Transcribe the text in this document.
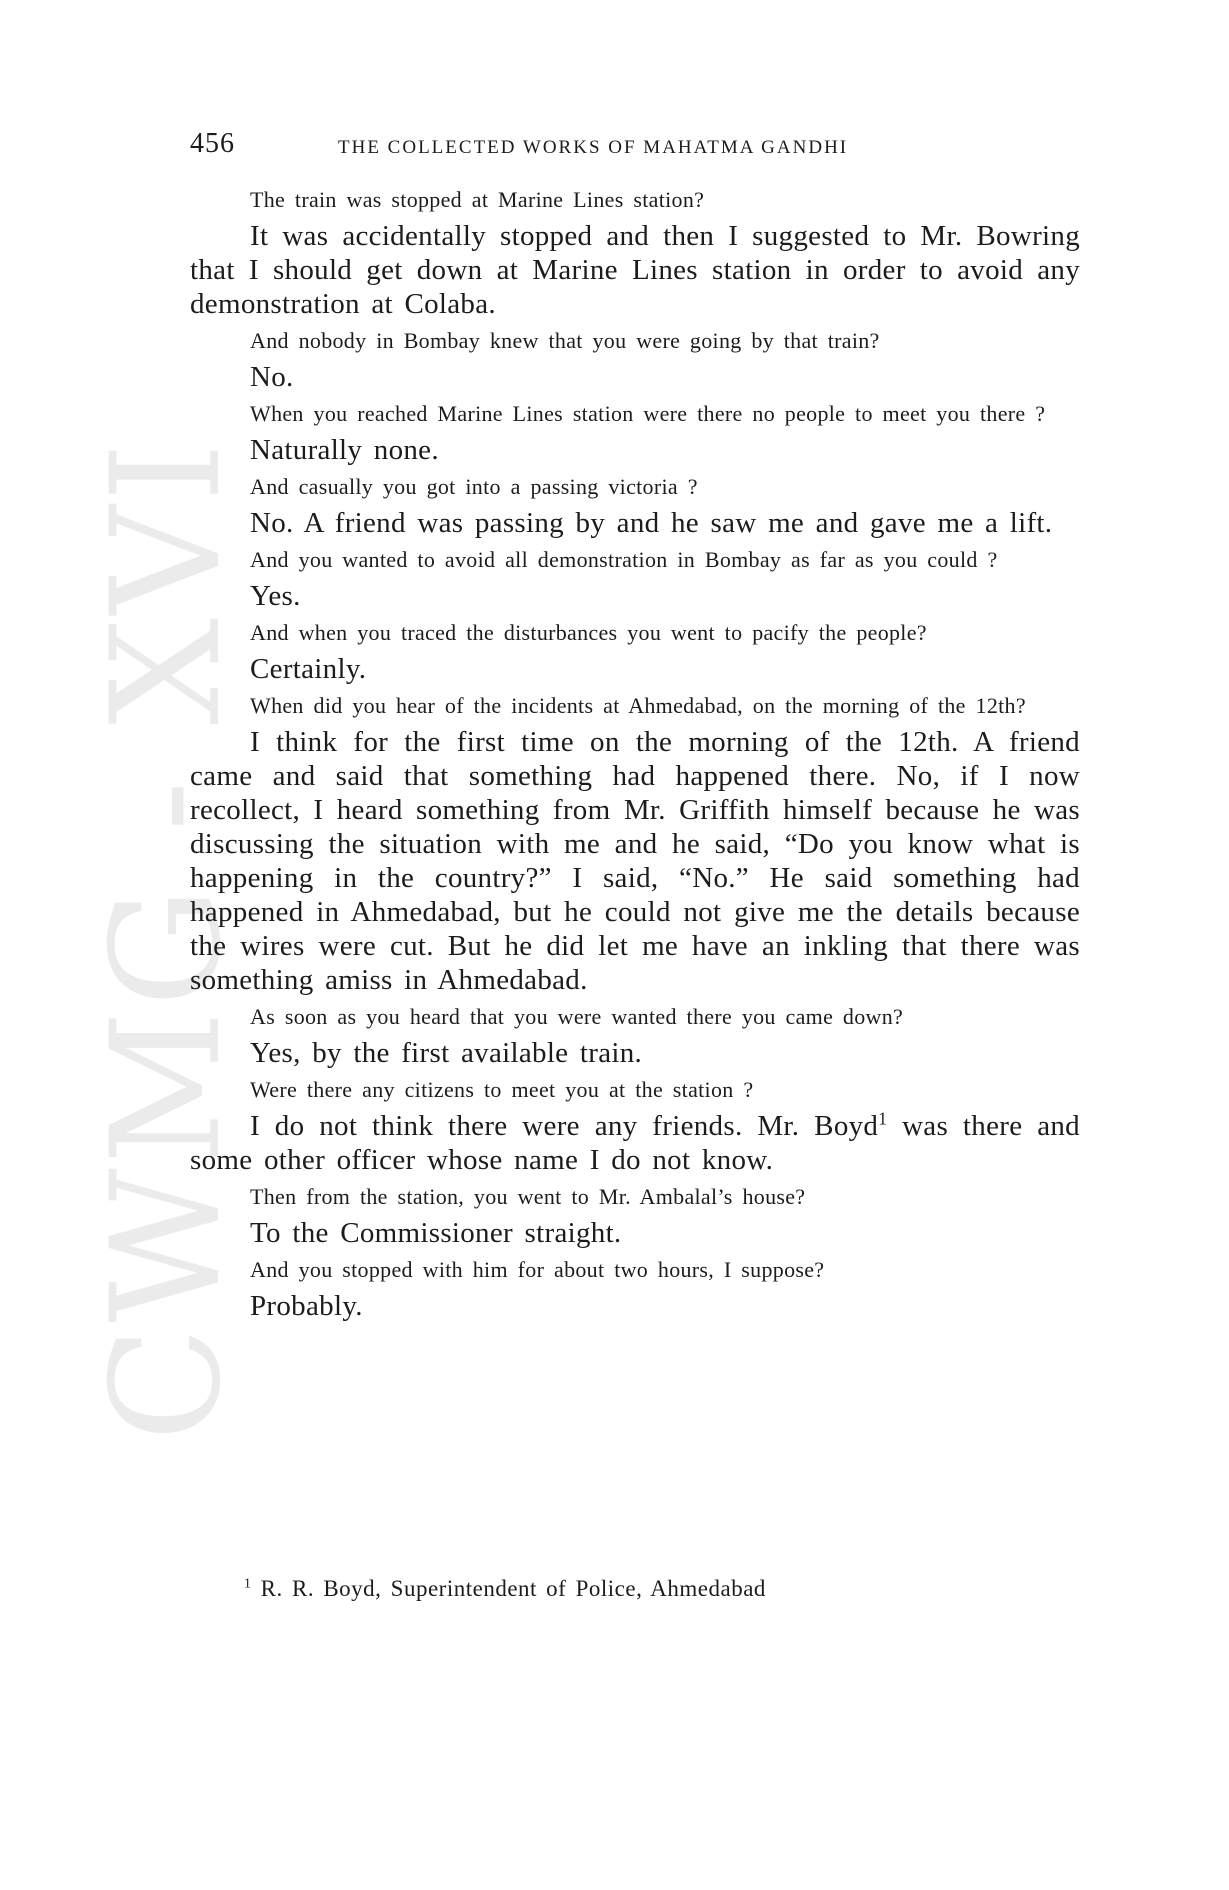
CWMG - XVI
456	THE COLLECTED WORKS OF MAHATMA GANDHI

The train was stopped at Marine Lines station?

It was accidentally stopped and then I suggested to Mr. Bowring that I should get down at Marine Lines station in order to avoid any demonstration at Colaba.

And nobody in Bombay knew that you were going by that train?

No.

When you reached Marine Lines station were there no people to meet you there ?

Naturally none.

And casually you got into a passing victoria ?

No. A friend was passing by and he saw me and gave me a lift.

And you wanted to avoid all demonstration in Bombay as far as you could ?

Yes.

And when you traced the disturbances you went to pacify the people?

Certainly.

When did you hear of the incidents at Ahmedabad, on the morning of the 12th?

I think for the first time on the morning of the 12th. A friend came and said that something had happened there. No, if I now recollect, I heard something from Mr. Griffith himself because he was discussing the situation with me and he said, “Do you know what is happening in the country?” I said, “No.” He said something had happened in Ahmedabad, but he could not give me the details because the wires were cut. But he did let me have an inkling that there was something amiss in Ahmedabad.

As soon as you heard that you were wanted there you came down?

Yes, by the first available train.

Were there any citizens to meet you at the station ?

I do not think there were any friends. Mr. Boyd$^1$ was there and some other officer whose name I do not know.

Then from the station, you went to Mr. Ambalal’s house?

To the Commissioner straight.

And you stopped with him for about two hours, I suppose?

Probably.

$^1$ R. R. Boyd, Superintendent of Police, Ahmedabad
